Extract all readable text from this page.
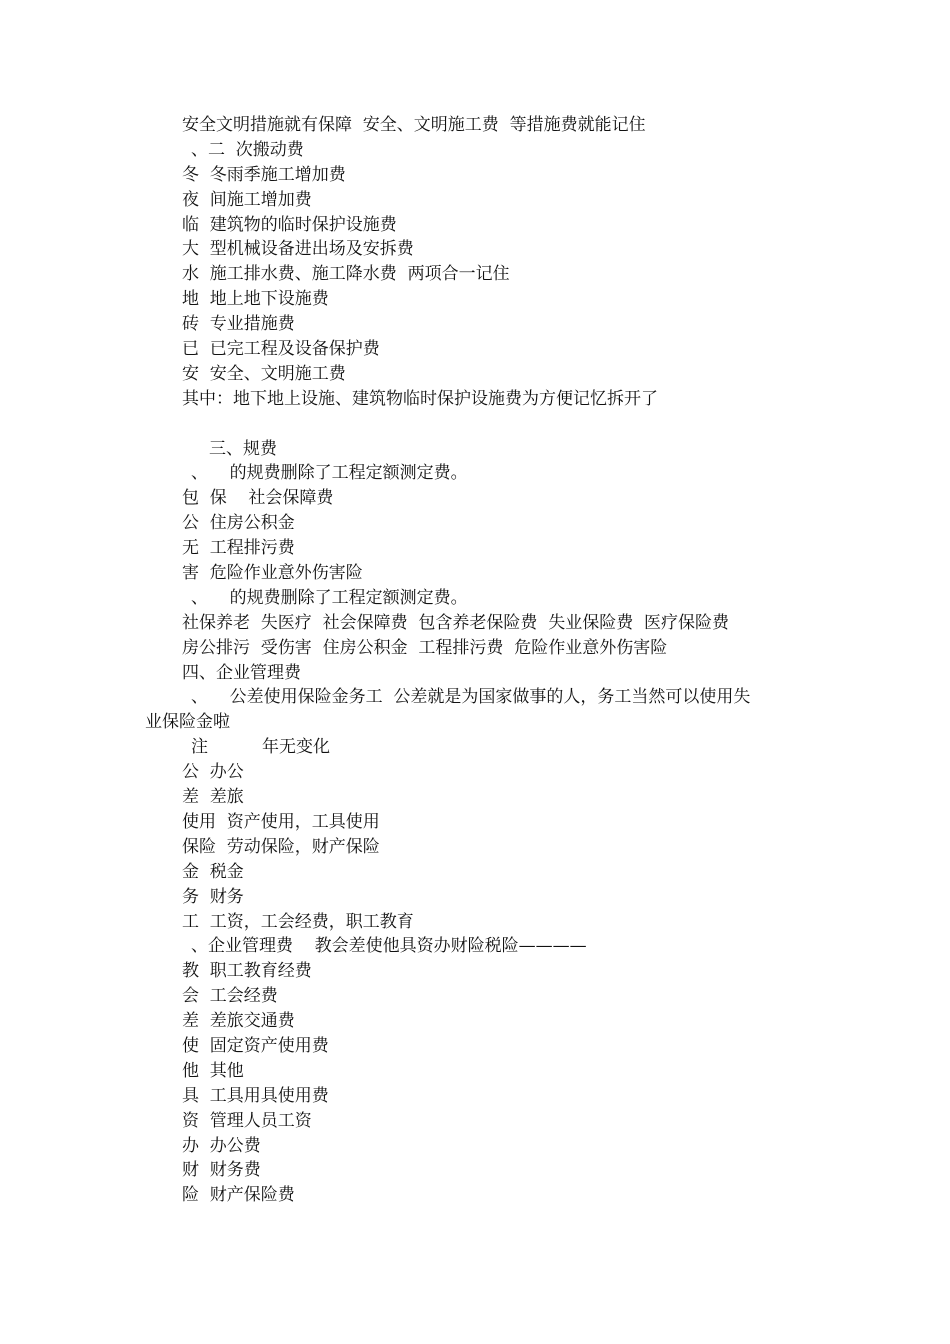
安全文明措施就有保障  安全、文明施工费  等措施费就能记住
、二  次搬动费
冬  冬雨季施工增加费
夜  间施工增加费
临  建筑物的临时保护设施费
大  型机械设备进出场及安拆费
水  施工排水费、施工降水费  两项合一记住
地  地上地下设施费
砖  专业措施费
已  已完工程及设备保护费
安  安全、文明施工费
其中：地下地上设施、建筑物临时保护设施费为方便记忆拆开了
三、规费
、    的规费删除了工程定额测定费。
包  保    社会保障费
公  住房公积金
无  工程排污费
害  危险作业意外伤害险
、    的规费删除了工程定额测定费。
社保养老  失医疗  社会保障费  包含养老保险费  失业保险费  医疗保险费
房公排污  受伤害  住房公积金  工程排污费  危险作业意外伤害险
四、企业管理费
、    公差使用保险金务工  公差就是为国家做事的人，务工当然可以使用失
业保险金啦
注          年无变化
公  办公
差  差旅
使用  资产使用，工具使用
保险  劳动保险，财产保险
金  税金
务  财务
工  工资，工会经费，职工教育
、企业管理费    教会差使他具资办财险税险————
教  职工教育经费
会  工会经费
差  差旅交通费
使  固定资产使用费
他  其他
具  工具用具使用费
资  管理人员工资
办  办公费
财  财务费
险  财产保险费
